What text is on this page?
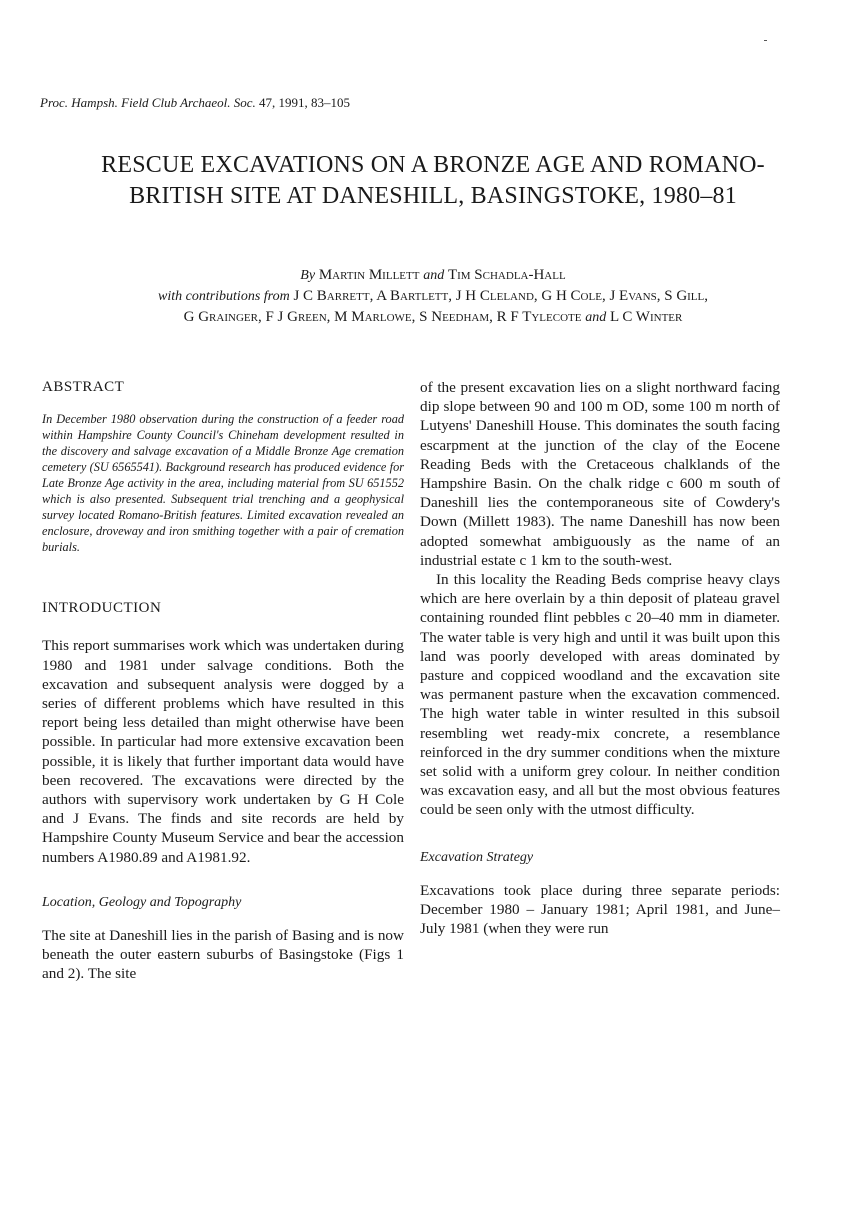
Proc. Hampsh. Field Club Archaeol. Soc. 47, 1991, 83–105
RESCUE EXCAVATIONS ON A BRONZE AGE AND ROMANO-BRITISH SITE AT DANESHILL, BASINGSTOKE, 1980–81
By Martin Millett and Tim Schadla-Hall
with contributions from J C Barrett, A Bartlett, J H Cleland, G H Cole, J Evans, S Gill,
G Grainger, F J Green, M Marlowe, S Needham, R F Tylecote and L C Winter
ABSTRACT

In December 1980 observation during the construction of a feeder road within Hampshire County Council's Chineham development resulted in the discovery and salvage excavation of a Middle Bronze Age cremation cemetery (SU 6565541). Background research has produced evidence for Late Bronze Age activity in the area, including material from SU 651552 which is also presented. Subsequent trial trenching and a geophysical survey located Romano-British features. Limited excavation revealed an enclosure, droveway and iron smithing together with a pair of cremation burials.

INTRODUCTION

This report summarises work which was undertaken during 1980 and 1981 under salvage conditions. Both the excavation and subsequent analysis were dogged by a series of different problems which have resulted in this report being less detailed than might otherwise have been possible. In particular had more extensive excavation been possible, it is likely that further important data would have been recovered. The excavations were directed by the authors with supervisory work undertaken by G H Cole and J Evans. The finds and site records are held by Hampshire County Museum Service and bear the accession numbers A1980.89 and A1981.92.

Location, Geology and Topography

The site at Daneshill lies in the parish of Basing and is now beneath the outer eastern suburbs of Basingstoke (Figs 1 and 2). The site

of the present excavation lies on a slight northward facing dip slope between 90 and 100 m OD, some 100 m north of Lutyens' Daneshill House. This dominates the south facing escarpment at the junction of the clay of the Eocene Reading Beds with the Cretaceous chalklands of the Hampshire Basin. On the chalk ridge c 600 m south of Daneshill lies the contemporaneous site of Cowdery's Down (Millett 1983). The name Daneshill has now been adopted somewhat ambiguously as the name of an industrial estate c 1 km to the south-west.

In this locality the Reading Beds comprise heavy clays which are here overlain by a thin deposit of plateau gravel containing rounded flint pebbles c 20–40 mm in diameter. The water table is very high and until it was built upon this land was poorly developed with areas dominated by pasture and coppiced woodland and the excavation site was permanent pasture when the excavation commenced. The high water table in winter resulted in this subsoil resembling wet ready-mix concrete, a resemblance reinforced in the dry summer conditions when the mixture set solid with a uniform grey colour. In neither condition was excavation easy, and all but the most obvious features could be seen only with the utmost difficulty.

Excavation Strategy

Excavations took place during three separate periods: December 1980 – January 1981; April 1981, and June–July 1981 (when they were run
